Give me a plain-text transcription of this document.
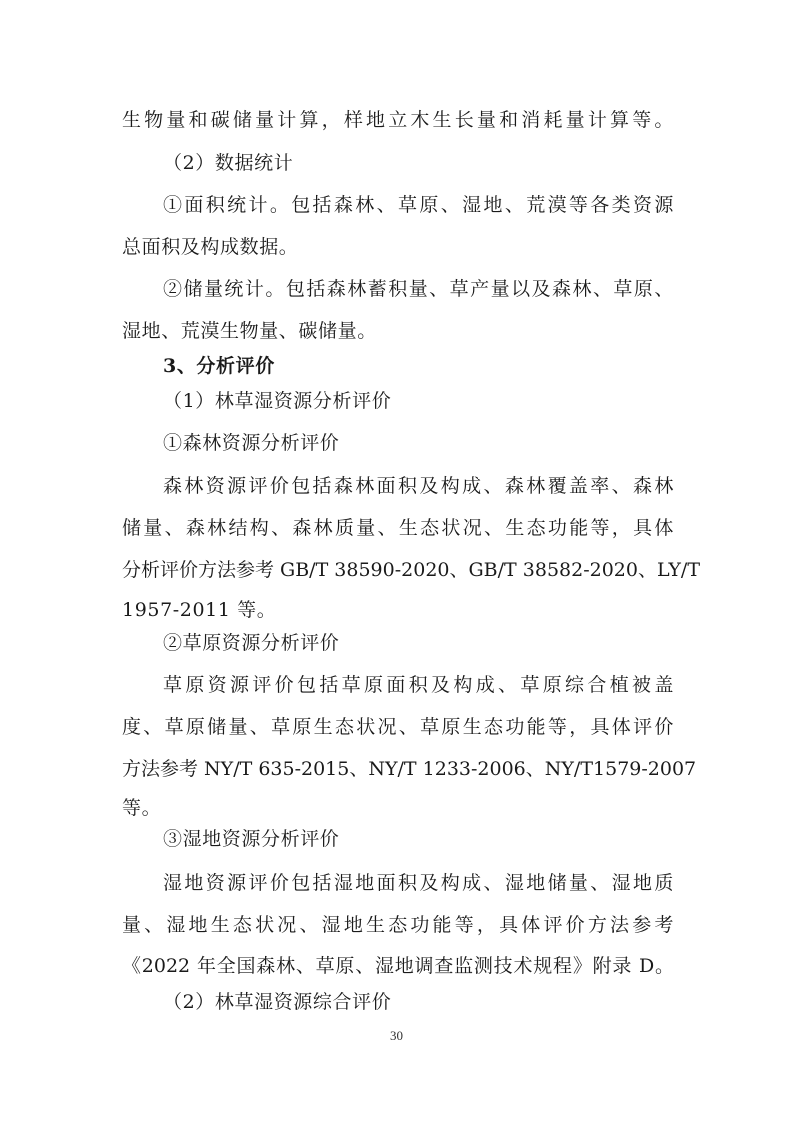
生物量和碳储量计算，样地立木生长量和消耗量计算等。
（2）数据统计
①面积统计。包括森林、草原、湿地、荒漠等各类资源
总面积及构成数据。
②储量统计。包括森林蓄积量、草产量以及森林、草原、
湿地、荒漠生物量、碳储量。
3、分析评价
（1）林草湿资源分析评价
①森林资源分析评价
森林资源评价包括森林面积及构成、森林覆盖率、森林
储量、森林结构、森林质量、生态状况、生态功能等，具体
分析评价方法参考 GB/T 38590-2020、GB/T 38582-2020、LY/T
1957-2011 等。
②草原资源分析评价
草原资源评价包括草原面积及构成、草原综合植被盖
度、草原储量、草原生态状况、草原生态功能等，具体评价
方法参考 NY/T 635-2015、NY/T 1233-2006、NY/T1579-2007
等。
③湿地资源分析评价
湿地资源评价包括湿地面积及构成、湿地储量、湿地质
量、湿地生态状况、湿地生态功能等，具体评价方法参考
《2022 年全国森林、草原、湿地调查监测技术规程》附录 D。
（2）林草湿资源综合评价
30
